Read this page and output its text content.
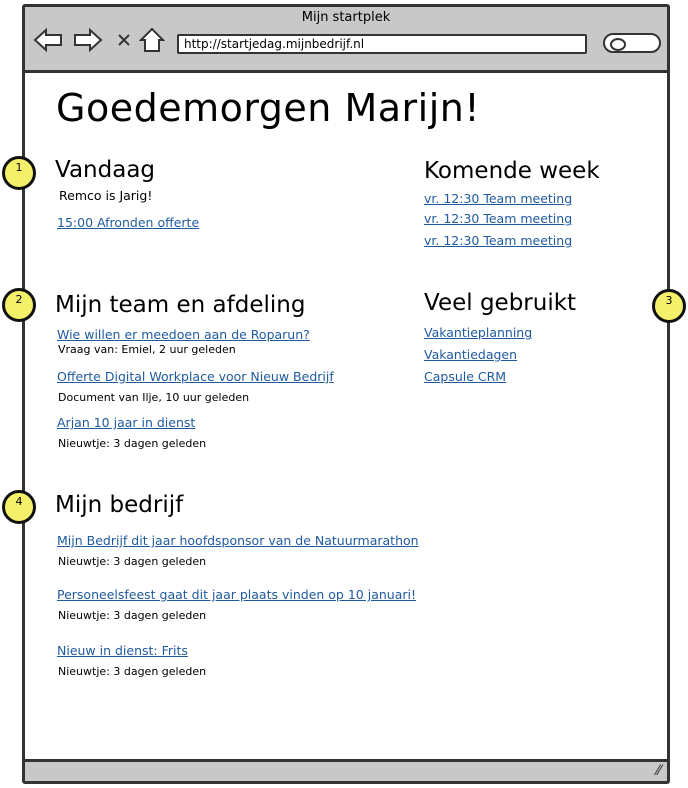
Mijn startplek
http://startjedag.mijnbedrijf.nl
⁄⁄
Goedemorgen Marijn!
Vandaag
Remco is Jarig!
15:00 Afronden offerte
Komende week
vr. 12:30 Team meeting
vr. 12:30 Team meeting
vr. 12:30 Team meeting
Mijn team en afdeling
Wie willen er meedoen aan de Roparun?
Vraag van: Emiel, 2 uur geleden
Offerte Digital Workplace voor Nieuw Bedrijf
Document van Ilje, 10 uur geleden
Arjan 10 jaar in dienst
Nieuwtje: 3 dagen geleden
Veel gebruikt
Vakantieplanning
Vakantiedagen
Capsule CRM
Mijn bedrijf
Mijn Bedrijf dit jaar hoofdsponsor van de Natuurmarathon
Nieuwtje: 3 dagen geleden
Personeelsfeest gaat dit jaar plaats vinden op 10 januari!
Nieuwtje: 3 dagen geleden
Nieuw in dienst: Frits
Nieuwtje: 3 dagen geleden
1
2	3
4
